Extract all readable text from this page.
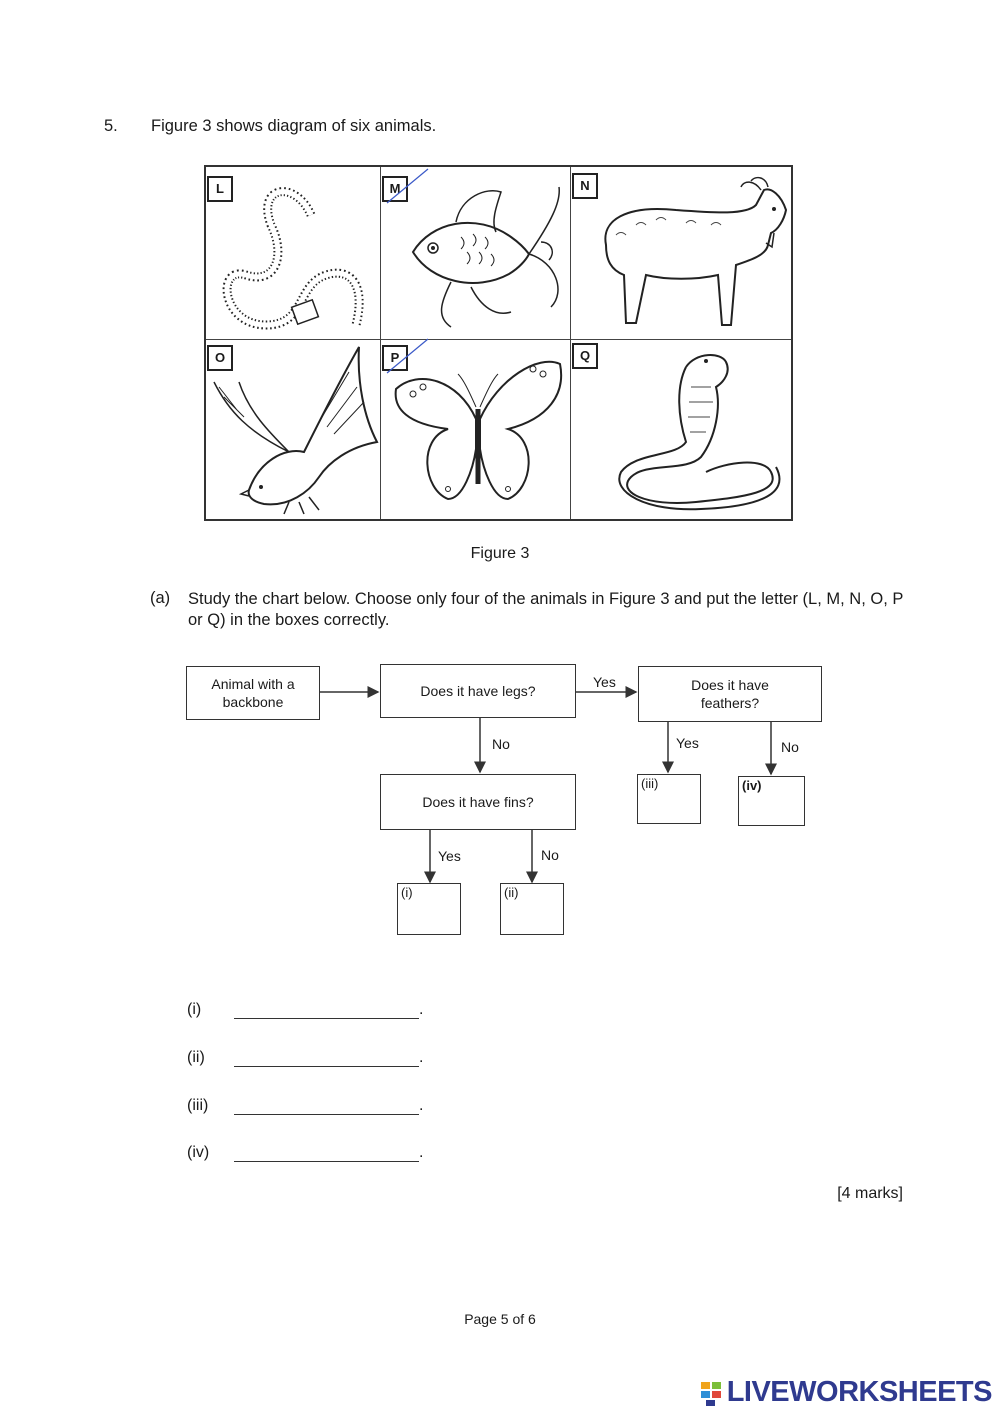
5. Figure 3 shows diagram of six animals.
L	M	N
O	P	Q
Figure 3
(a) Study the chart below. Choose only four of the animals in Figure 3 and put the letter (L, M, N, O, P or Q) in the boxes correctly.
Animal with a backbone
Does it have legs?	Does it have feathers?
Does it have fins?
Yes
No	Yes	No
Yes	No
(i)	(ii)
(iii)	(iv)
(i)	.
(ii)	.
(iii)	.
(iv)	.
[4 marks]
Page 5 of 6
LIVEWORKSHEETS
